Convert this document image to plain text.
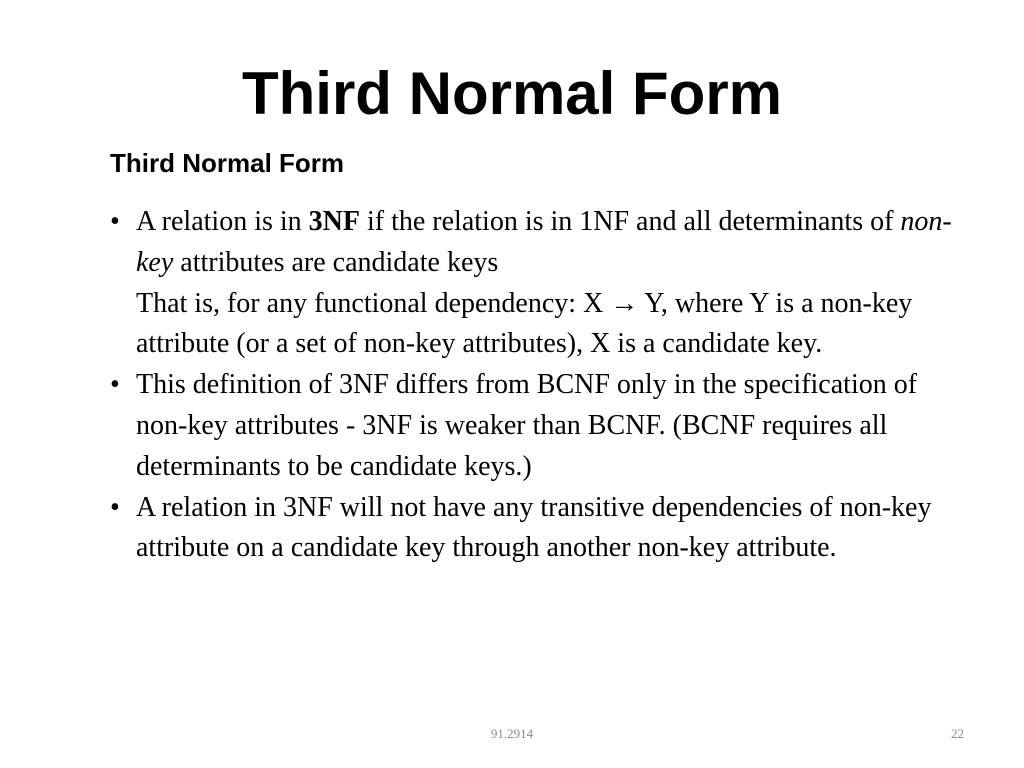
Third Normal Form
Third Normal Form
• A relation is in 3NF if the relation is in 1NF and all determinants of non-key attributes are candidate keys
That is, for any functional dependency: X → Y, where Y is a non-key attribute (or a set of non-key attributes), X is a candidate key.
• This definition of 3NF differs from BCNF only in the specification of non-key attributes - 3NF is weaker than BCNF. (BCNF requires all determinants to be candidate keys.)
• A relation in 3NF will not have any transitive dependencies of non-key attribute on a candidate key through another non-key attribute.
91.2914	22
